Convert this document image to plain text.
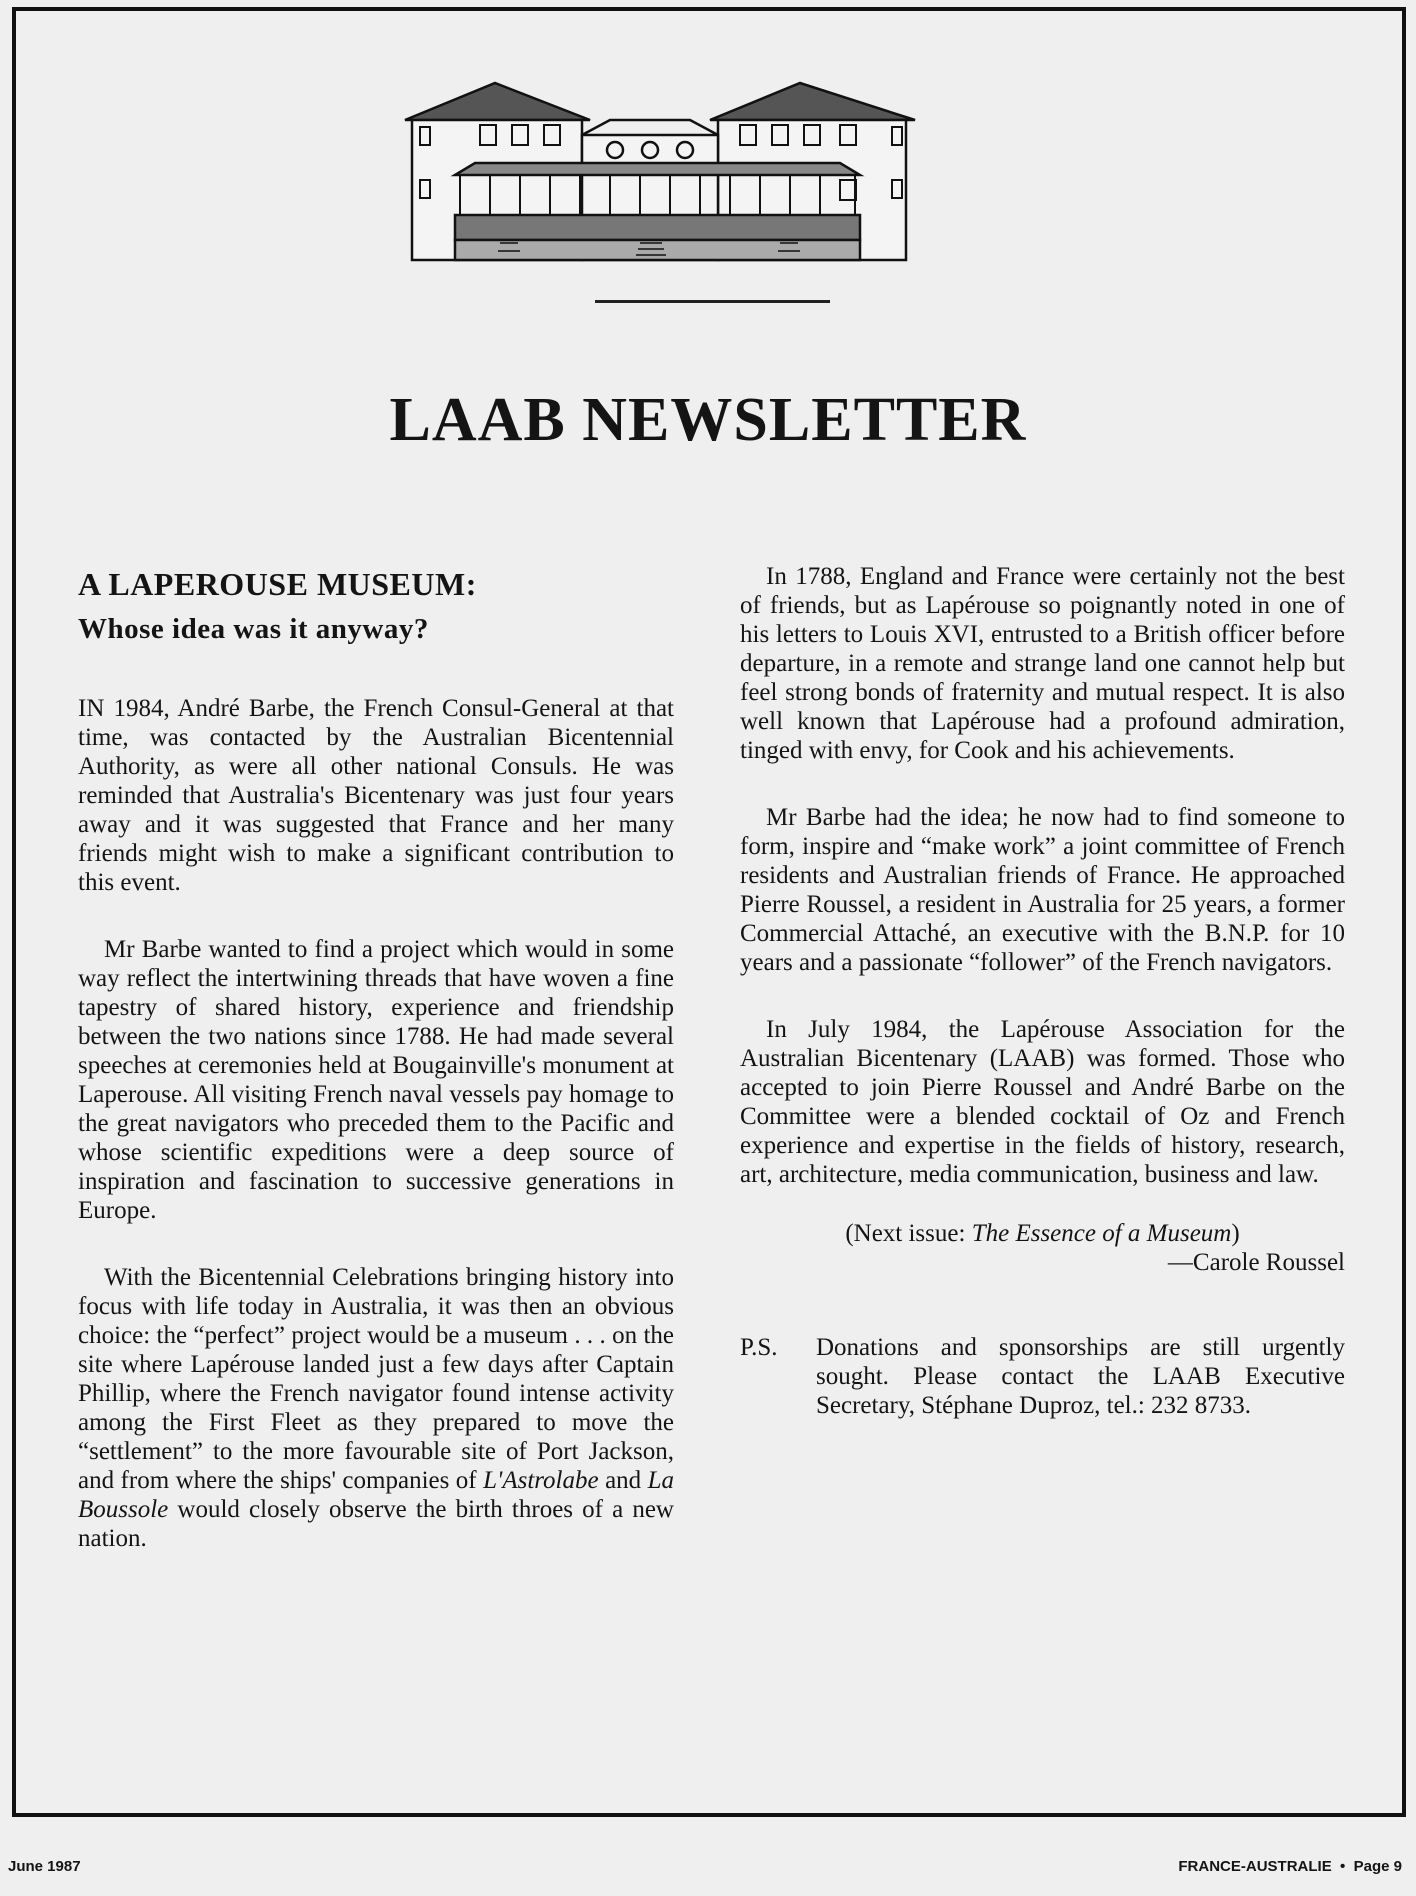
LAAB NEWSLETTER
A LAPEROUSE MUSEUM:
Whose idea was it anyway?

IN 1984, André Barbe, the French Consul-General at that time, was contacted by the Australian Bicentennial Authority, as were all other national Consuls. He was reminded that Australia's Bicentenary was just four years away and it was suggested that France and her many friends might wish to make a significant contribution to this event.

Mr Barbe wanted to find a project which would in some way reflect the intertwining threads that have woven a fine tapestry of shared history, experience and friendship between the two nations since 1788. He had made several speeches at ceremonies held at Bougainville's monument at Laperouse. All visiting French naval vessels pay homage to the great navigators who preceded them to the Pacific and whose scientific expeditions were a deep source of inspiration and fascination to successive generations in Europe.

With the Bicentennial Celebrations bringing history into focus with life today in Australia, it was then an obvious choice: the “perfect” project would be a museum . . . on the site where Lapérouse landed just a few days after Captain Phillip, where the French navigator found intense activity among the First Fleet as they prepared to move the “settlement” to the more favourable site of Port Jackson, and from where the ships' companies of L'Astrolabe and La Boussole would closely observe the birth throes of a new nation.

In 1788, England and France were certainly not the best of friends, but as Lapérouse so poignantly noted in one of his letters to Louis XVI, entrusted to a British officer before departure, in a remote and strange land one cannot help but feel strong bonds of fraternity and mutual respect. It is also well known that Lapérouse had a profound admiration, tinged with envy, for Cook and his achievements.

Mr Barbe had the idea; he now had to find someone to form, inspire and “make work” a joint committee of French residents and Australian friends of France. He approached Pierre Roussel, a resident in Australia for 25 years, a former Commercial Attaché, an executive with the B.N.P. for 10 years and a passionate “follower” of the French navigators.

In July 1984, the Lapérouse Association for the Australian Bicentenary (LAAB) was formed. Those who accepted to join Pierre Roussel and André Barbe on the Committee were a blended cocktail of Oz and French experience and expertise in the fields of history, research, art, architecture, media communication, business and law.

(Next issue: The Essence of a Museum)

—Carole Roussel

P.S.	Donations and sponsorships are still urgently sought. Please contact the LAAB Executive Secretary, Stéphane Duproz, tel.: 232 8733.
June 1987	FRANCE-AUSTRALIE  •  Page 9
